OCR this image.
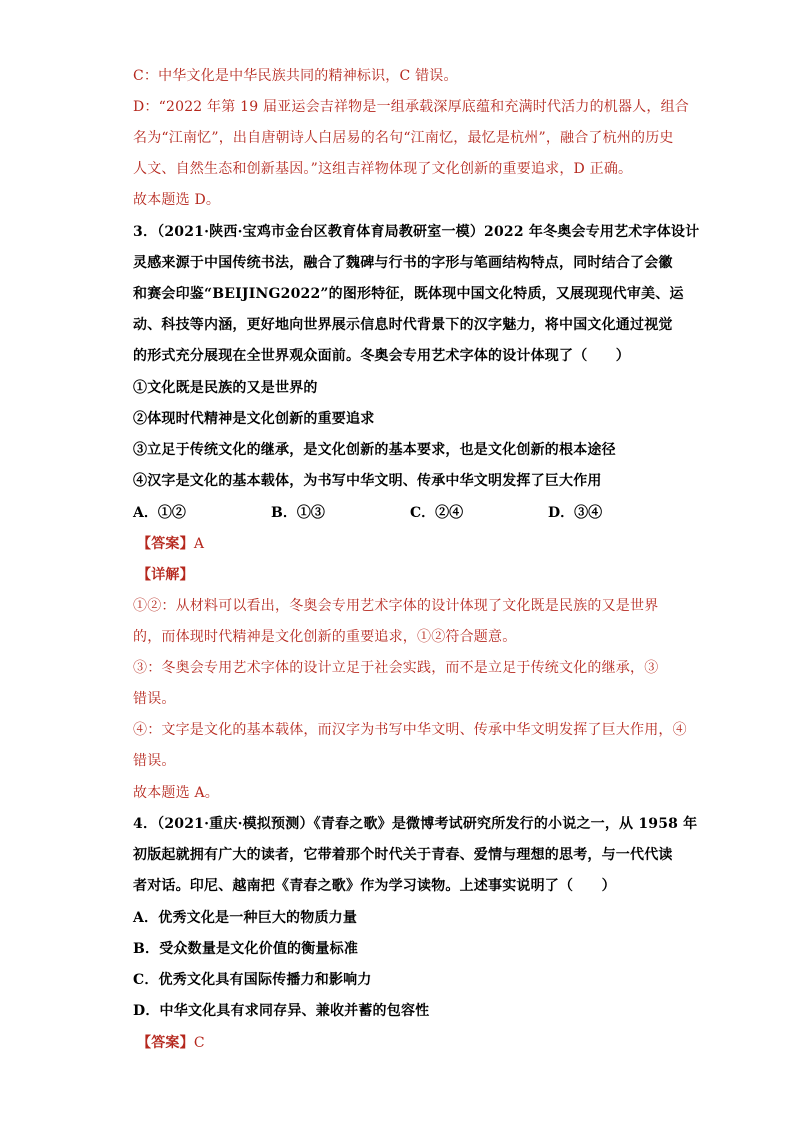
C：中华文化是中华民族共同的精神标识，C 错误。
D：“2022 年第 19 届亚运会吉祥物是一组承载深厚底蕴和充满时代活力的机器人，组合
名为“江南忆”，出自唐朝诗人白居易的名句“江南忆，最忆是杭州”，融合了杭州的历史
人文、自然生态和创新基因。”这组吉祥物体现了文化创新的重要追求，D 正确。
故本题选 D。
3．（2021·陕西·宝鸡市金台区教育体育局教研室一模）2022 年冬奥会专用艺术字体设计
灵感来源于中国传统书法，融合了魏碑与行书的字形与笔画结构特点，同时结合了会徽
和赛会印鉴“BEIJING2022”的图形特征，既体现中国文化特质，又展现现代审美、运
动、科技等内涵，更好地向世界展示信息时代背景下的汉字魅力，将中国文化通过视觉
的形式充分展现在全世界观众面前。冬奥会专用艺术字体的设计体现了（　　）
①文化既是民族的又是世界的
②体现时代精神是文化创新的重要追求
③立足于传统文化的继承，是文化创新的基本要求，也是文化创新的根本途径
④汉字是文化的基本载体，为书写中华文明、传承中华文明发挥了巨大作用
A．①②	B．①③	C．②④	D．③④
【答案】A
【详解】
①②：从材料可以看出，冬奥会专用艺术字体的设计体现了文化既是民族的又是世界
的，而体现时代精神是文化创新的重要追求，①②符合题意。
③：冬奥会专用艺术字体的设计立足于社会实践，而不是立足于传统文化的继承，③
错误。
④：文字是文化的基本载体，而汉字为书写中华文明、传承中华文明发挥了巨大作用，④
错误。
故本题选 A。
4．（2021·重庆·模拟预测）《青春之歌》是微博考试研究所发行的小说之一，从 1958 年
初版起就拥有广大的读者，它带着那个时代关于青春、爱情与理想的思考，与一代代读
者对话。印尼、越南把《青春之歌》作为学习读物。上述事实说明了（　　）
A．优秀文化是一种巨大的物质力量
B．受众数量是文化价值的衡量标准
C．优秀文化具有国际传播力和影响力
D．中华文化具有求同存异、兼收并蓄的包容性
【答案】C
